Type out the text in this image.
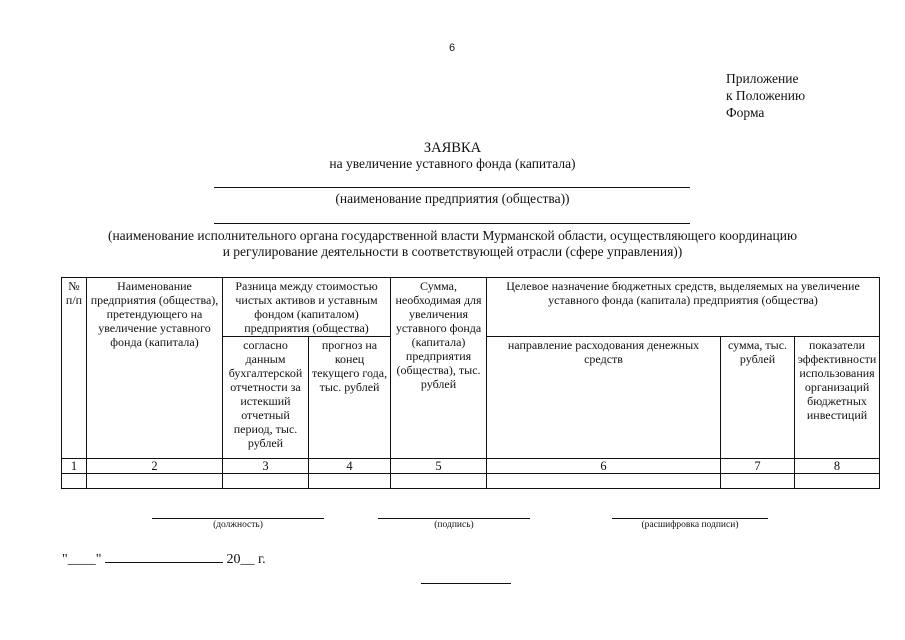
6
Приложение
к Положению
Форма
ЗАЯВКА
на увеличение уставного фонда (капитала)
(наименование предприятия (общества))
(наименование исполнительного органа государственной власти Мурманской области, осуществляющего координацию
и регулирование деятельности в соответствующей отрасли (сфере управления))
№ п/п	Наименование предприятия (общества), претендующего на увеличение уставного фонда (капитала)	Разница между стоимостью чистых активов и уставным фондом (капиталом) предприятия (общества)		Сумма, необходимая для увеличения уставного фонда (капитала) предприятия (общества), тыс. рублей	Целевое назначение бюджетных средств, выделяемых на увеличение уставного фонда (капитала) предприятия (общества)		
		согласно данным бухгалтерской отчетности за истекший отчетный период, тыс. рублей	прогноз на конец текущего года, тыс. рублей		направление расходования денежных средств	сумма, тыс. рублей	показатели эффективности использования организаций бюджетных инвестиций
1	2	3	4	5	6	7	8

(должность)	(подпись)	(расшифровка подписи)
"____"	20__ г.
